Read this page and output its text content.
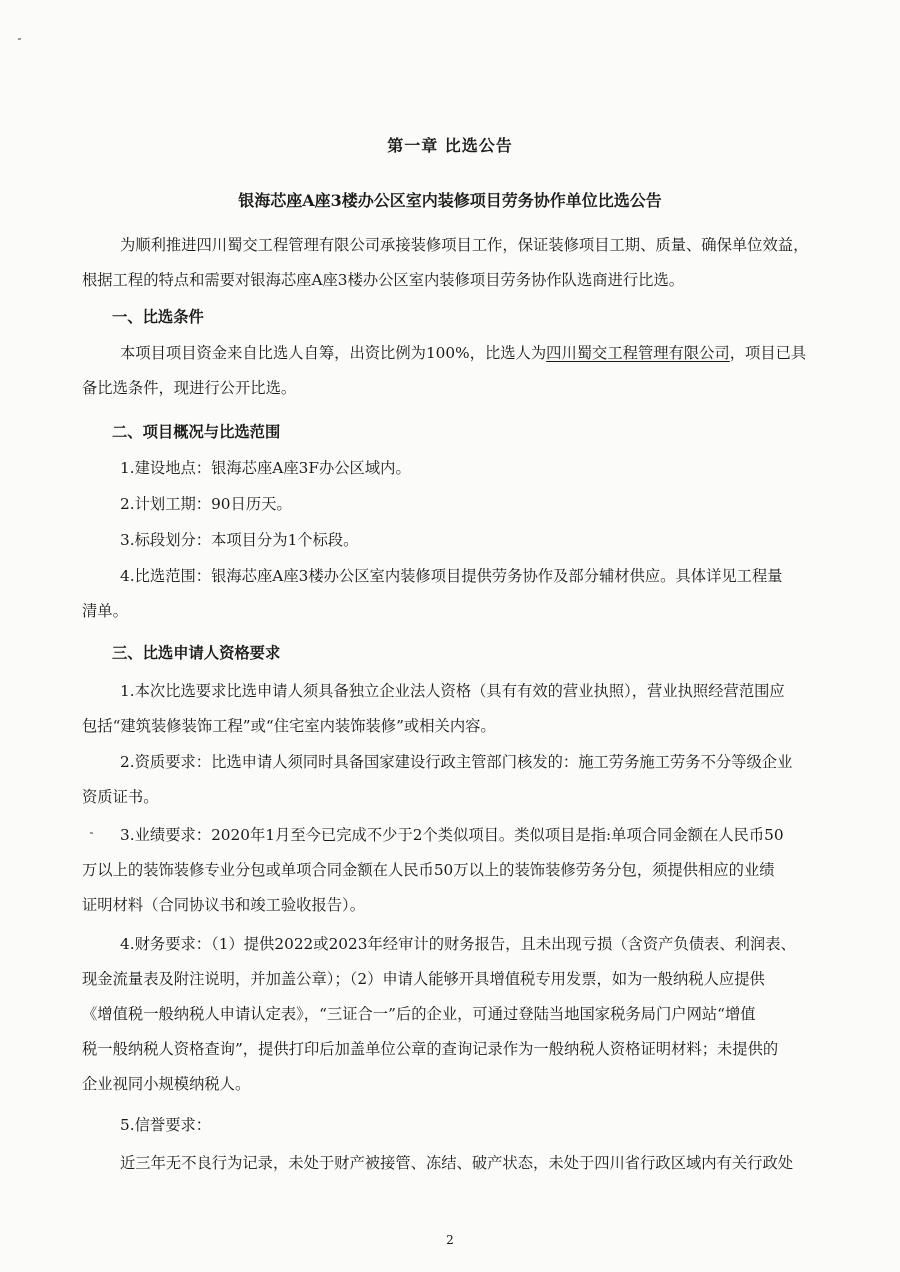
第一章 比选公告
银海芯座A座3楼办公区室内装修项目劳务协作单位比选公告
为顺利推进四川蜀交工程管理有限公司承接装修项目工作，保证装修项目工期、质量、确保单位效益，
根据工程的特点和需要对银海芯座A座3楼办公区室内装修项目劳务协作队选商进行比选。
一、比选条件
本项目项目资金来自比选人自筹，出资比例为100%，比选人为四川蜀交工程管理有限公司，项目已具
备比选条件，现进行公开比选。
二、项目概况与比选范围
1.建设地点：银海芯座A座3F办公区域内。
2.计划工期：90日历天。
3.标段划分：本项目分为1个标段。
4.比选范围：银海芯座A座3楼办公区室内装修项目提供劳务协作及部分辅材供应。具体详见工程量
清单。
三、比选申请人资格要求
1.本次比选要求比选申请人须具备独立企业法人资格（具有有效的营业执照），营业执照经营范围应
包括“建筑装修装饰工程”或“住宅室内装饰装修”或相关内容。
2.资质要求：比选申请人须同时具备国家建设行政主管部门核发的：施工劳务施工劳务不分等级企业
资质证书。
3.业绩要求：2020年1月至今已完成不少于2个类似项目。类似项目是指:单项合同金额在人民币50
万以上的装饰装修专业分包或单项合同金额在人民币50万以上的装饰装修劳务分包，须提供相应的业绩
证明材料（合同协议书和竣工验收报告）。
4.财务要求：（1）提供2022或2023年经审计的财务报告，且未出现亏损（含资产负债表、利润表、
现金流量表及附注说明，并加盖公章）；（2）申请人能够开具增值税专用发票，如为一般纳税人应提供
《增值税一般纳税人申请认定表》，“三证合一”后的企业，可通过登陆当地国家税务局门户网站“增值
税一般纳税人资格查询”，提供打印后加盖单位公章的查询记录作为一般纳税人资格证明材料；未提供的
企业视同小规模纳税人。
5.信誉要求：
近三年无不良行为记录，未处于财产被接管、冻结、破产状态，未处于四川省行政区域内有关行政处
2
